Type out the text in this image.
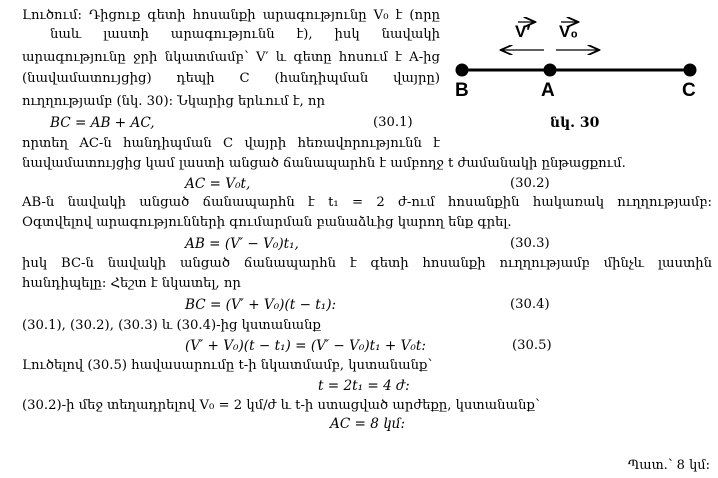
V′ V₀
B	A	C
նկ. 30
Լուծում: Դիցուք գետի հոսանքի արագությունը V₀ է (որը
նաև լաստի արագությունն է), իսկ նավակի
արագությունը ջրի նկատմամբ՝ V′ և գետը հոսում է A-ից
(նավամատույցից) դեպի C (հանդիպման վայրը)
ուղղությամբ (նկ. 30): Նկարից երևում է, որ
BC = AB + AC,	(30.1)
որտեղ AC-ն հանդիպման C վայրի հեռավորությունն է
նավամատույցից կամ լաստի անցած ճանապարհն է ամբողջ t ժամանակի ընթացքում.
AC = V₀t,	(30.2)
AB-ն նավակի անցած ճանապարհն է t₁ = 2 ժ-ում հոսանքին հակառակ ուղղությամբ:
Օգտվելով արագությունների գումարման բանաձևից կարող ենք գրել.
AB = (V′ − V₀)t₁,	(30.3)
իսկ BC-ն նավակի անցած ճանապարհն է գետի հոսանքի ուղղությամբ մինչև լաստին
հանդիպելը: Հեշտ է նկատել, որ
BC = (V′ + V₀)(t − t₁):	(30.4)
(30.1), (30.2), (30.3) և (30.4)-ից կստանանք
(V′ + V₀)(t − t₁) = (V′ − V₀)t₁ + V₀t:	(30.5)
Լուծելով (30.5) հավասարումը t-ի նկատմամբ, կստանանք՝
t = 2t₁ = 4 ժ:
(30.2)-ի մեջ տեղադրելով V₀ = 2 կմ/ժ և t-ի ստացված արժեքը, կստանանք՝
AC = 8 կմ:
Պատ.՝ 8 կմ:
